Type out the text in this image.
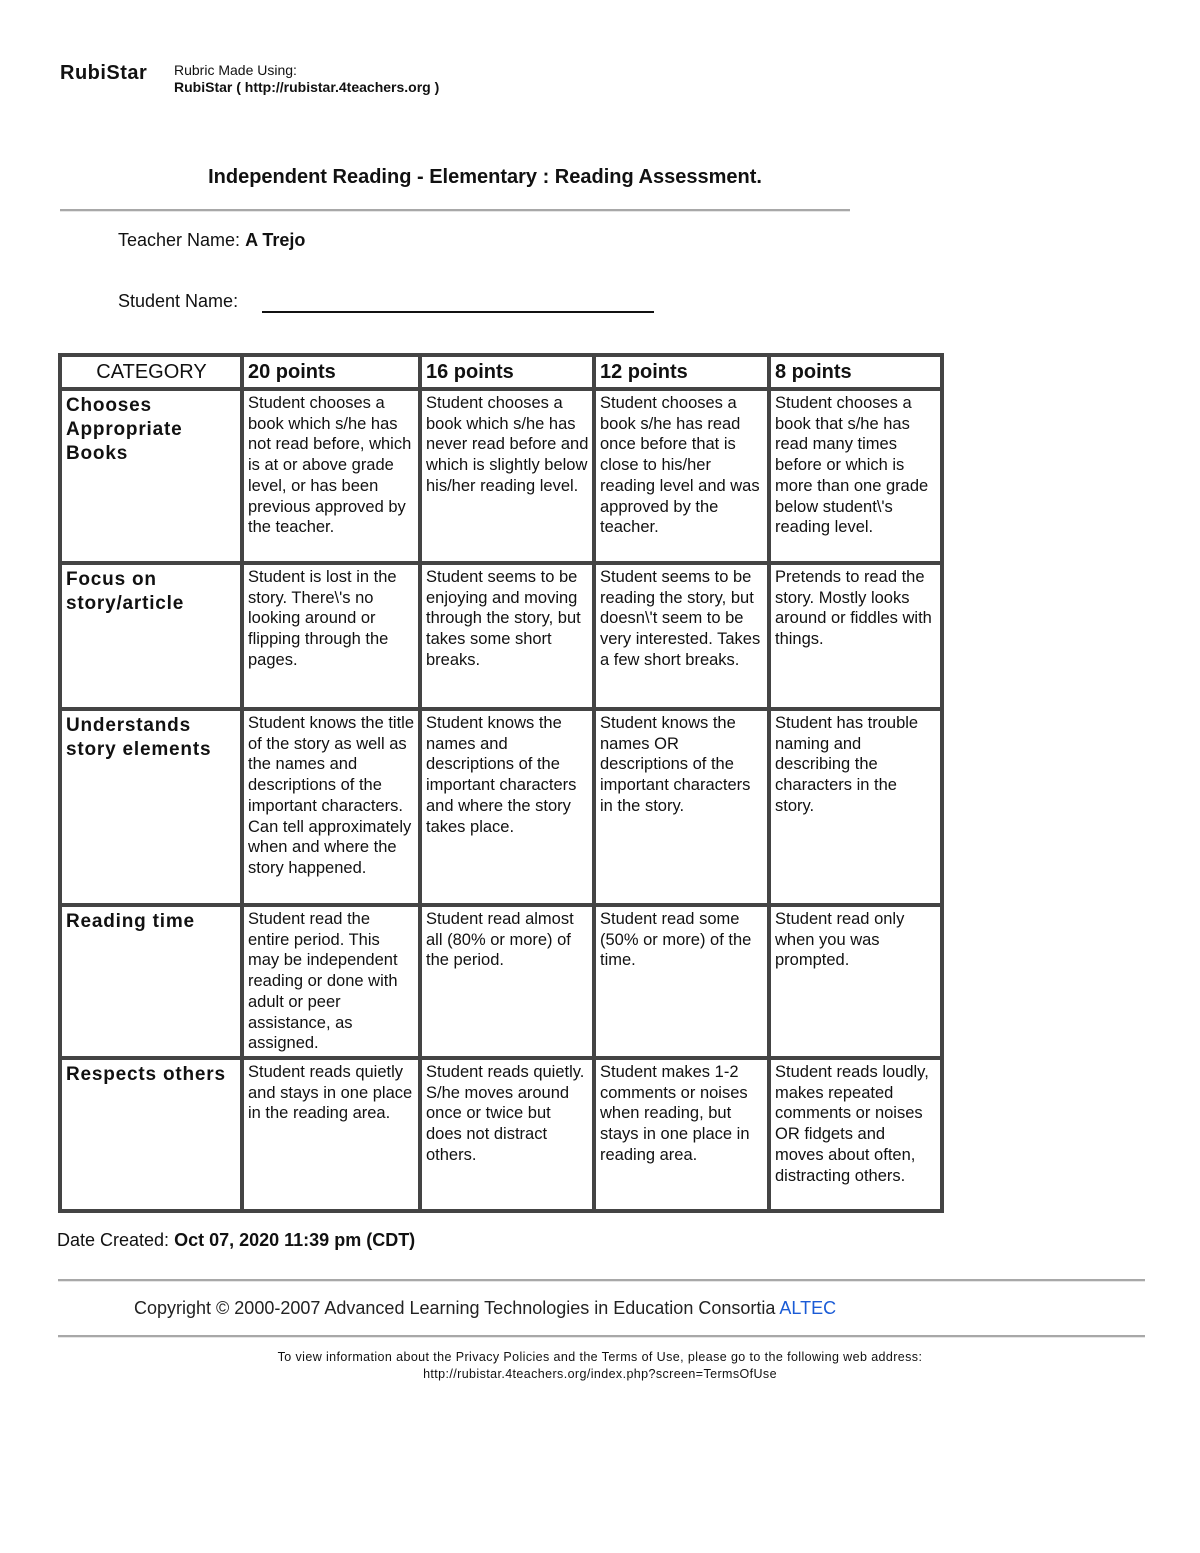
RubiStar Rubric Made Using:
RubiStar ( http://rubistar.4teachers.org )
Independent Reading - Elementary : Reading Assessment.
Teacher Name: A Trejo
Student Name:
CATEGORY	20 points	16 points	12 points	8 points
Chooses Appropriate Books	Student chooses a book which s/he has not read before, which is at or above grade level, or has been previous approved by the teacher.	Student chooses a book which s/he has never read before and which is slightly below his/her reading level.	Student chooses a book s/he has read once before that is close to his/her reading level and was approved by the teacher.	Student chooses a book that s/he has read many times before or which is more than one grade below student\'s reading level.
Focus on story/article	Student is lost in the story. There\'s no looking around or flipping through the pages.	Student seems to be enjoying and moving through the story, but takes some short breaks.	Student seems to be reading the story, but doesn\'t seem to be very interested. Takes a few short breaks.	Pretends to read the story. Mostly looks around or fiddles with things.
Understands story elements	Student knows the title of the story as well as the names and descriptions of the important characters. Can tell approximately when and where the story happened.	Student knows the names and descriptions of the important characters and where the story takes place.	Student knows the names OR descriptions of the important characters in the story.	Student has trouble naming and describing the characters in the story.
Reading time	Student read the entire period. This may be independent reading or done with adult or peer assistance, as assigned.	Student read almost all (80% or more) of the period.	Student read some (50% or more) of the time.	Student read only when you was prompted.
Respects others	Student reads quietly and stays in one place in the reading area.	Student reads quietly. S/he moves around once or twice but does not distract others.	Student makes 1-2 comments or noises when reading, but stays in one place in reading area.	Student reads loudly, makes repeated comments or noises OR fidgets and moves about often, distracting others.
Date Created: Oct 07, 2020 11:39 pm (CDT)
Copyright © 2000-2007 Advanced Learning Technologies in Education Consortia ALTEC
To view information about the Privacy Policies and the Terms of Use, please go to the following web address:
http://rubistar.4teachers.org/index.php?screen=TermsOfUse
